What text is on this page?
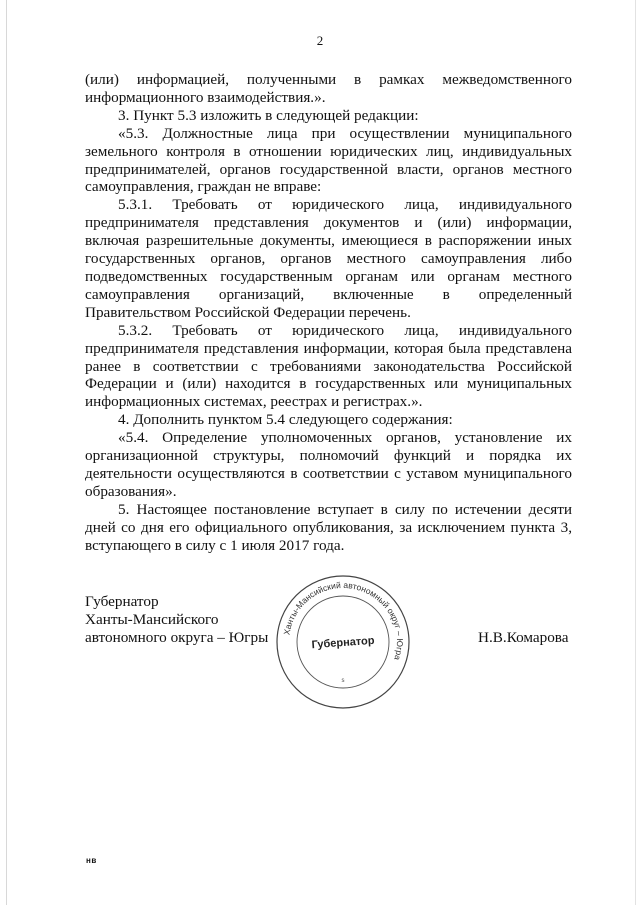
2

(или) информацией, полученными в рамках межведомственного информационного взаимодействия.».

3. Пункт 5.3 изложить в следующей редакции:

«5.3. Должностные лица при осуществлении муниципального земельного контроля в отношении юридических лиц, индивидуальных предпринимателей, органов государственной власти, органов местного самоуправления, граждан не вправе:

5.3.1. Требовать от юридического лица, индивидуального предпринимателя представления документов и (или) информации, включая разрешительные документы, имеющиеся в распоряжении иных государственных органов, органов местного самоуправления либо подведомственных государственным органам или органам местного самоуправления организаций, включенные в определенный Правительством Российской Федерации перечень.

5.3.2. Требовать от юридического лица, индивидуального предпринимателя представления информации, которая была представлена ранее в соответствии с требованиями законодательства Российской Федерации и (или) находится в государственных или муниципальных информационных системах, реестрах и регистрах.».

4. Дополнить пунктом 5.4 следующего содержания:

«5.4. Определение уполномоченных органов, установление их организационной структуры, полномочий функций и порядка их деятельности осуществляются в соответствии с уставом муниципального образования».

5. Настоящее постановление вступает в силу по истечении десяти дней со дня его официального опубликования, за исключением пункта 3, вступающего в силу с 1 июля 2017 года.

Губернатор
Ханты-Мансийского
автономного округа – Югры Ханты-Мансийский автономный округ – Югра
Губернатор
s
Н.В.Комарова
нв
